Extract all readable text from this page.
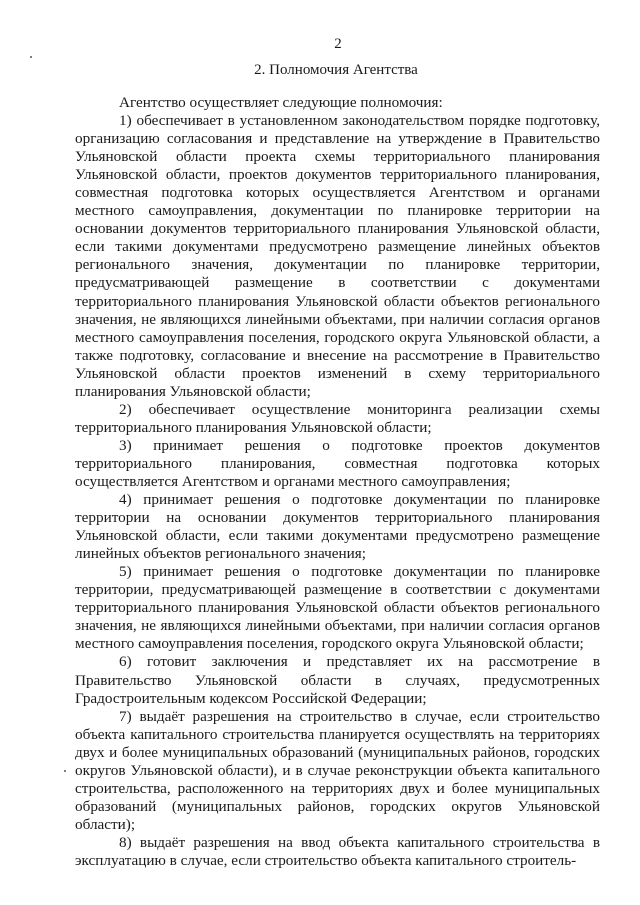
2
2. Полномочия Агентства

Агентство осуществляет следующие полномочия:

1) обеспечивает в установленном законодательством порядке подготовку, организацию согласования и представление на утверждение в Правительство Ульяновской области проекта схемы территориального планирования Ульяновской области, проектов документов территориального планирования, совместная подготовка которых осуществляется Агентством и органами местного самоуправления, документации по планировке территории на основании документов территориального планирования Ульяновской области, если такими документами предусмотрено размещение линейных объектов регионального значения, документации по планировке территории, предусматривающей размещение в соответствии с документами территориального планирования Ульяновской области объектов регионального значения, не являющихся линейными объектами, при наличии согласия органов местного самоуправления поселения, городского округа Ульяновской области, а также подготовку, согласование и внесение на рассмотрение в Правительство Ульяновской области проектов изменений в схему территориального планирования Ульяновской области;

2) обеспечивает осуществление мониторинга реализации схемы территориального планирования Ульяновской области;

3) принимает решения о подготовке проектов документов территориального планирования, совместная подготовка которых осуществляется Агентством и органами местного самоуправления;

4) принимает решения о подготовке документации по планировке территории на основании документов территориального планирования Ульяновской области, если такими документами предусмотрено размещение линейных объектов регионального значения;

5) принимает решения о подготовке документации по планировке территории, предусматривающей размещение в соответствии с документами территориального планирования Ульяновской области объектов регионального значения, не являющихся линейными объектами, при наличии согласия органов местного самоуправления поселения, городского округа Ульяновской области;

6) готовит заключения и представляет их на рассмотрение в Правительство Ульяновской области в случаях, предусмотренных Градостроительным кодексом Российской Федерации;

7) выдаёт разрешения на строительство в случае, если строительство объекта капитального строительства планируется осуществлять на территориях двух и более муниципальных образований (муниципальных районов, городских округов Ульяновской области), и в случае реконструкции объекта капитального строительства, расположенного на территориях двух и более муниципальных образований (муниципальных районов, городских округов Ульяновской области);

8) выдаёт разрешения на ввод объекта капитального строительства в эксплуатацию в случае, если строительство объекта капитального строитель-
